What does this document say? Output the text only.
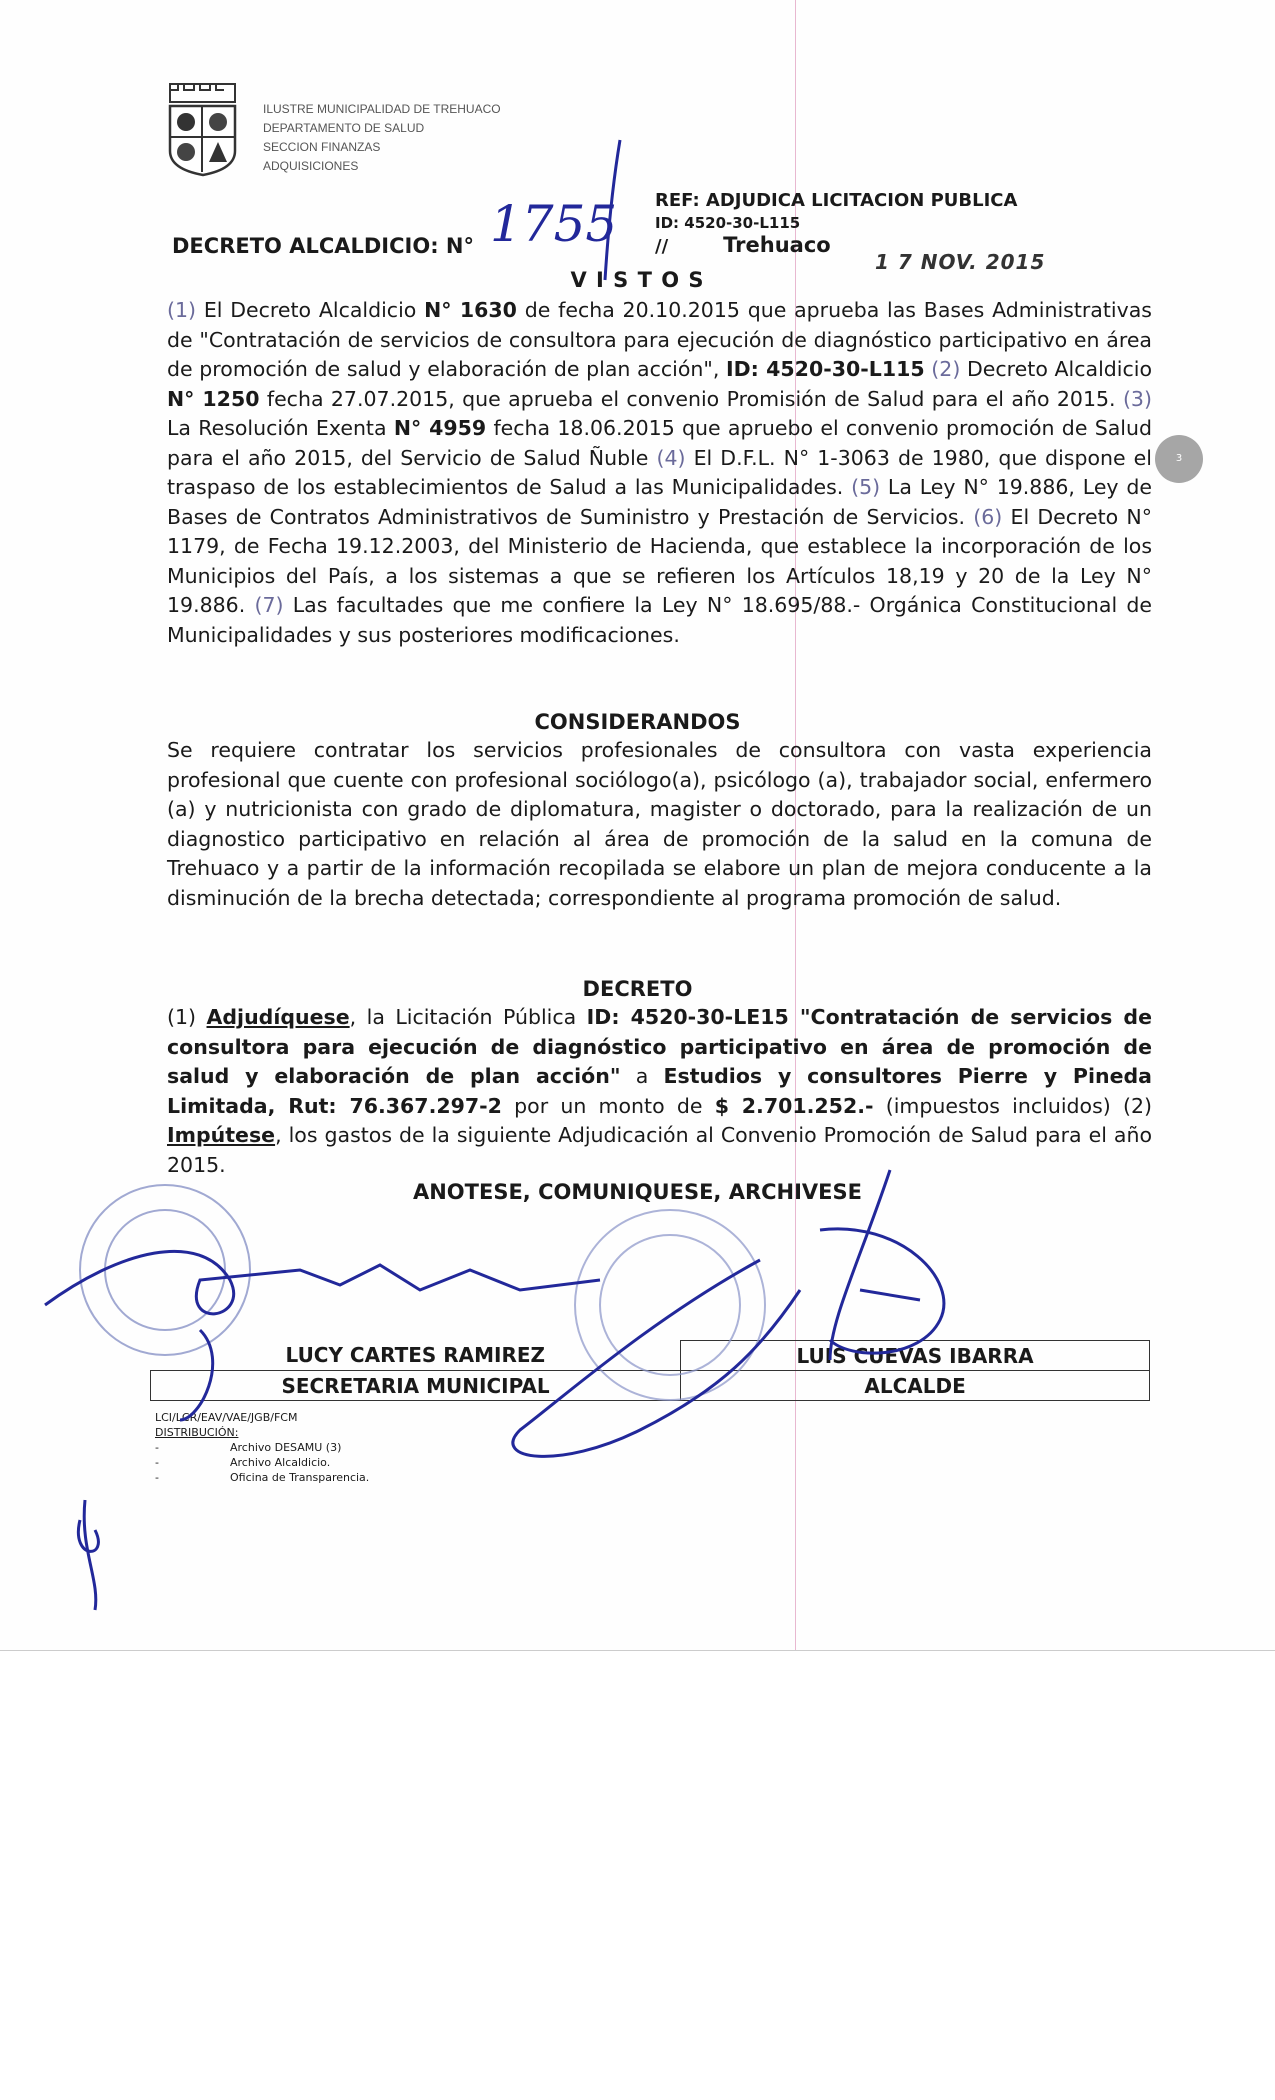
ILUSTRE MUNICIPALIDAD DE TREHUACO
DEPARTAMENTO DE SALUD
SECCION FINANZAS
ADQUISICIONES
REF: ADJUDICA LICITACION PUBLICA
ID: 4520-30-L115
//	Trehuaco
1 7 NOV. 2015
DECRETO ALCALDICIO: N° 1755
3
V I S T O S
(1) El Decreto Alcaldicio N° 1630 de fecha 20.10.2015 que aprueba las Bases Administrativas de "Contratación de servicios de consultora para ejecución de diagnóstico participativo en área de promoción de salud y elaboración de plan acción", ID: 4520-30-L115 (2) Decreto Alcaldicio N° 1250 fecha 27.07.2015, que aprueba el convenio Promisión de Salud para el año 2015. (3) La Resolución Exenta N° 4959 fecha 18.06.2015 que apruebo el convenio promoción de Salud para el año 2015, del Servicio de Salud Ñuble (4) El D.F.L. N° 1-3063 de 1980, que dispone el traspaso de los establecimientos de Salud a las Municipalidades. (5) La Ley N° 19.886, Ley de Bases de Contratos Administrativos de Suministro y Prestación de Servicios. (6) El Decreto N° 1179, de Fecha 19.12.2003, del Ministerio de Hacienda, que establece la incorporación de los Municipios del País, a los sistemas a que se refieren los Artículos 18,19 y 20 de la Ley N° 19.886. (7) Las facultades que me confiere la Ley N° 18.695/88.- Orgánica Constitucional de Municipalidades y sus posteriores modificaciones.
CONSIDERANDOS
Se requiere contratar los servicios profesionales de consultora con vasta experiencia profesional que cuente con profesional sociólogo(a), psicólogo (a), trabajador social, enfermero (a) y nutricionista con grado de diplomatura, magister o doctorado, para la realización de un diagnostico participativo en relación al área de promoción de la salud en la comuna de Trehuaco y a partir de la información recopilada se elabore un plan de mejora conducente a la disminución de la brecha detectada; correspondiente al programa promoción de salud.
DECRETO
(1) Adjudíquese, la Licitación Pública ID: 4520-30-LE15 "Contratación de servicios de consultora para ejecución de diagnóstico participativo en área de promoción de salud y elaboración de plan acción" a Estudios y consultores Pierre y Pineda Limitada, Rut: 76.367.297-2 por un monto de $ 2.701.252.- (impuestos incluidos) (2) Impútese, los gastos de la siguiente Adjudicación al Convenio Promoción de Salud para el año 2015.
ANOTESE, COMUNIQUESE, ARCHIVESE
LUCY CARTES RAMIREZ	LUIS CUEVAS IBARRA
SECRETARIA MUNICIPAL	ALCALDE
LCI/LCR/EAV/VAE/JGB/FCM
DISTRIBUCIÓN:
- Archivo DESAMU (3)
- Archivo Alcaldicio.
- Oficina de Transparencia.
